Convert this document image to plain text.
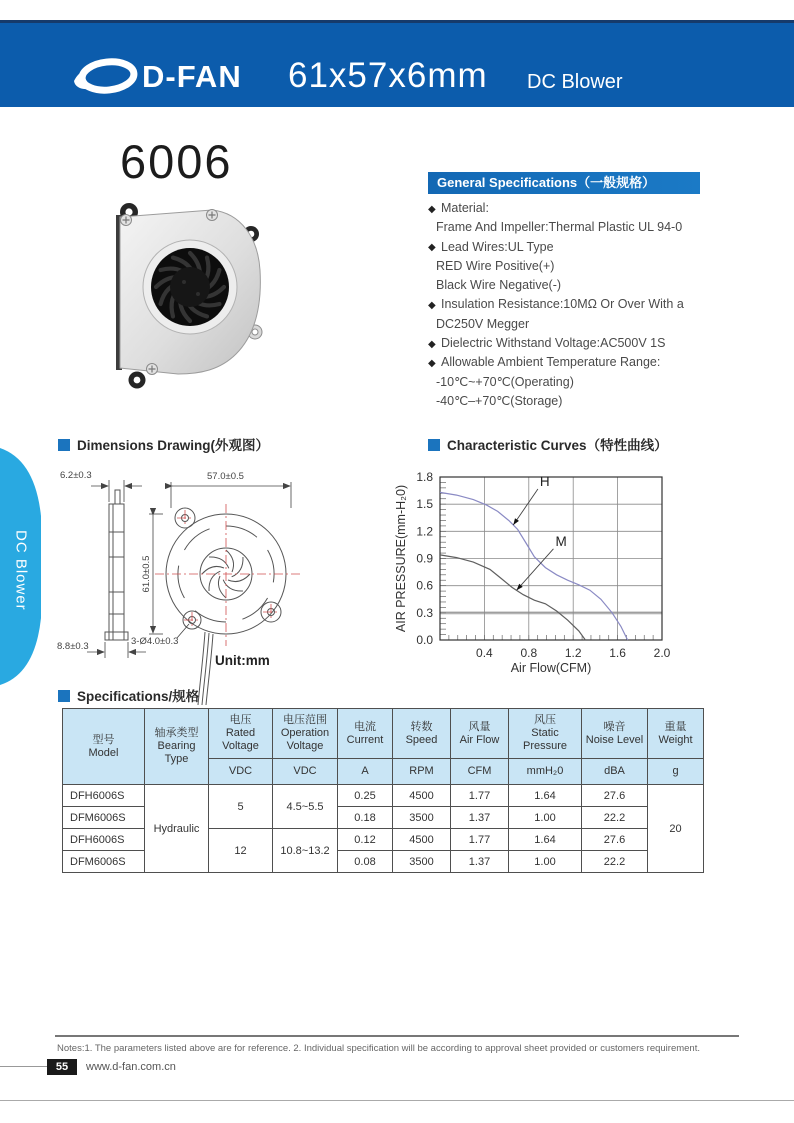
D-FAN 61x57x6mm DC Blower
DC Blower
6006	General Specifications（一般规格）
◆ Material:
Frame And Impeller:Thermal Plastic UL 94-0
◆ Lead Wires:UL Type
RED Wire Positive(+)
Black Wire Negative(-)
◆ Insulation Resistance:10MΩ Or Over With a
DC250V Megger
◆ Dielectric Withstand Voltage:AC500V 1S
◆ Allowable Ambient Temperature Range:
-10℃~+70℃(Operating)
-40℃–+70℃(Storage)
Dimensions Drawing(外观图）	Characteristic Curves（特性曲线）
Specifications/规格
6.2±0.3
8.8±0.3
57.0±0.5
61.0±0.5
3-Ø4.0±0.3
Unit:mm	0.4 0.8 1.2 1.6 2.0
0.0
0.3
0.6
0.9
1.2
1.5
1.8	H
M
Air Flow(CFM)
AIR PRESSURE(mm-H₂0)
型号
Model	轴承类型
Bearing Type	电压
Rated Voltage	电压范围
Operation Voltage	电流
Current	转数
Speed	风量
Air Flow	风压
Static Pressure	噪音
Noise Level	重量
Weight
		VDC	VDC	A	RPM	CFM	mmH₂0	dBA	g
DFH6006S	Hydraulic	5	4.5~5.5	0.25	4500	1.77	1.64	27.6	20
DFM6006S				0.18	3500	1.37	1.00	22.2	
DFH6006S		12	10.8~13.2	0.12	4500	1.77	1.64	27.6	
DFM6006S				0.08	3500	1.37	1.00	22.2	
Notes:1. The parameters listed above are for reference. 2. Individual specification will be according to approval sheet provided or customers requirement.
55	www.d-fan.com.cn
